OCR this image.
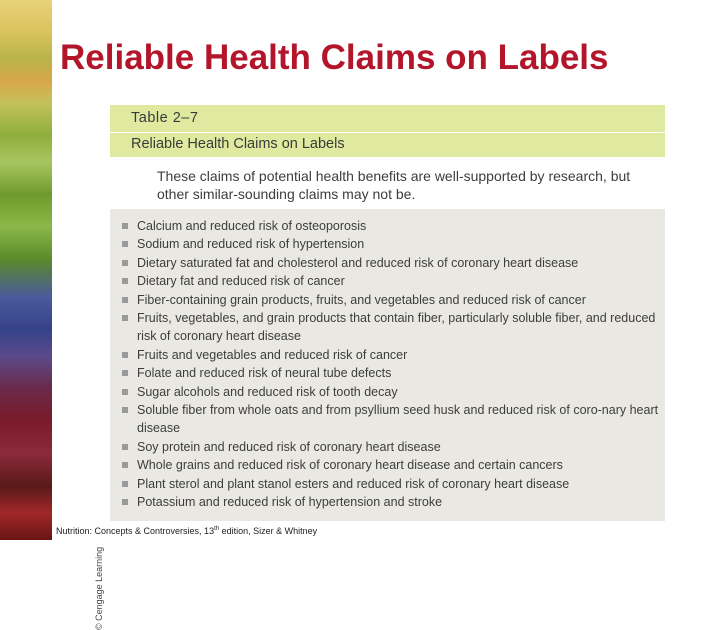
Reliable Health Claims on Labels
Table 2–7
Reliable Health Claims on Labels
These claims of potential health benefits are well-supported by research, but other similar-sounding claims may not be.
Calcium and reduced risk of osteoporosis
Sodium and reduced risk of hypertension
Dietary saturated fat and cholesterol and reduced risk of coronary heart disease
Dietary fat and reduced risk of cancer
Fiber-containing grain products, fruits, and vegetables and reduced risk of cancer
Fruits, vegetables, and grain products that contain fiber, particularly soluble fiber, and reduced risk of coronary heart disease
Fruits and vegetables and reduced risk of cancer
Folate and reduced risk of neural tube defects
Sugar alcohols and reduced risk of tooth decay
Soluble fiber from whole oats and from psyllium seed husk and reduced risk of coro-nary heart disease
Soy protein and reduced risk of coronary heart disease
Whole grains and reduced risk of coronary heart disease and certain cancers
Plant sterol and plant stanol esters and reduced risk of coronary heart disease
Potassium and reduced risk of hypertension and stroke
© Cengage Learning
Nutrition: Concepts & Controversies, 13th edition, Sizer & Whitney
